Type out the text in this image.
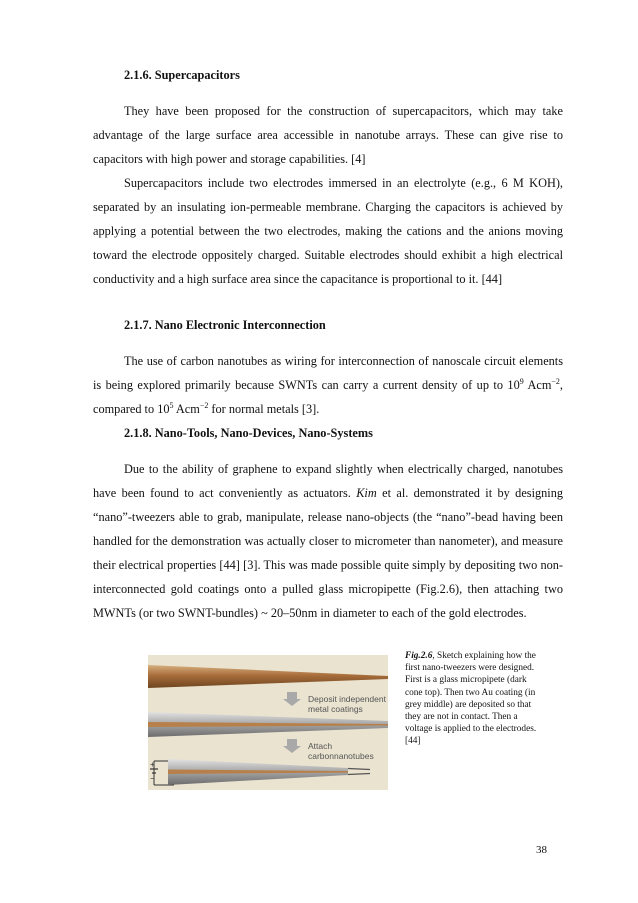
2.1.6. Supercapacitors

They have been proposed for the construction of supercapacitors, which may take advantage of the large surface area accessible in nanotube arrays. These can give rise to capacitors with high power and storage capabilities. [4]

Supercapacitors include two electrodes immersed in an electrolyte (e.g., 6 M KOH), separated by an insulating ion-permeable membrane. Charging the capacitors is achieved by applying a potential between the two electrodes, making the cations and the anions moving toward the electrode oppositely charged. Suitable electrodes should exhibit a high electrical conductivity and a high surface area since the capacitance is proportional to it. [44]

2.1.7. Nano Electronic Interconnection

The use of carbon nanotubes as wiring for interconnection of nanoscale circuit elements is being explored primarily because SWNTs can carry a current density of up to $10^9$ Acm$^{-2}$, compared to $10^5$ Acm$^{-2}$ for normal metals [3].

2.1.8. Nano-Tools, Nano-Devices, Nano-Systems

Due to the ability of graphene to expand slightly when electrically charged, nanotubes have been found to act conveniently as actuators. Kim et al. demonstrated it by designing “nano”-tweezers able to grab, manipulate, release nano-objects (the “nano”-bead having been handled for the demonstration was actually closer to micrometer than nanometer), and measure their electrical properties [44] [3]. This was made possible quite simply by depositing two non-interconnected gold coatings onto a pulled glass micropipette (Fig.2.6), then attaching two MWNTs (or two SWNT-bundles) ~ 20–50nm in diameter to each of the gold electrodes.

Deposit independent
metal coatings
Attach
carbonnanotubes
+
−
Fig.2.6, Sketch explaining how the first nano-tweezers were designed. First is a glass micropipete (dark cone top). Then two Au coating (in grey middle) are deposited so that they are not in contact. Then a voltage is applied to the electrodes. [44]
38
